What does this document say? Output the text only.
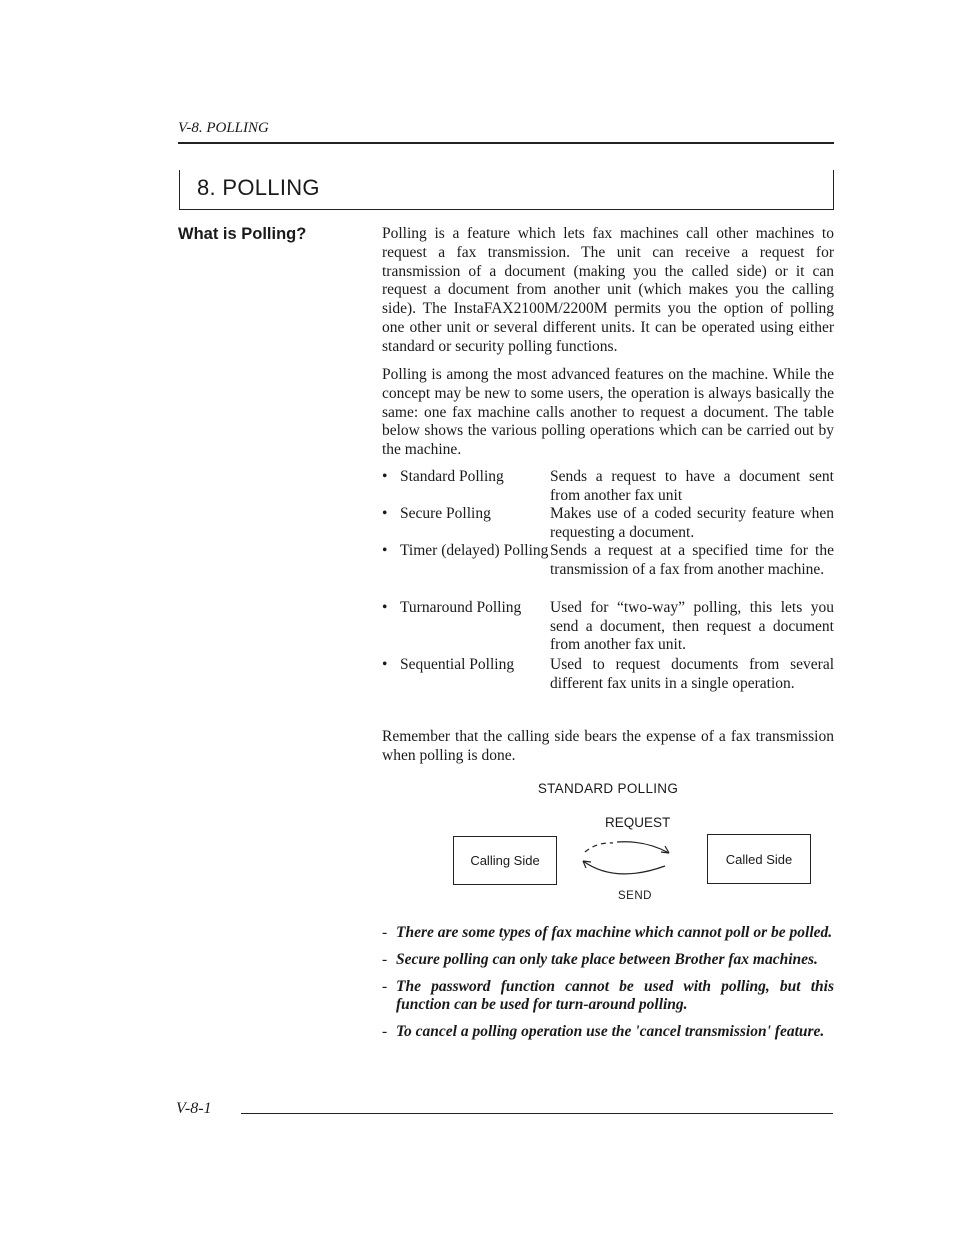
V-8. POLLING
8. POLLING
What is Polling?	Polling is a feature which lets fax machines call other machines to request a fax transmission. The unit can receive a request for transmission of a document (making you the called side) or it can request a document from another unit (which makes you the calling side). The InstaFAX2100M/2200M permits you the option of polling one other unit or several different units. It can be operated using either standard or security polling functions.
Polling is among the most advanced features on the machine. While the concept may be new to some users, the operation is always basically the same: one fax machine calls another to request a document. The table below shows the various polling operations which can be carried out by the machine.
• Standard Polling	Sends a request to have a document sent from another fax unit
• Secure Polling	Makes use of a coded security feature when requesting a document.
• Timer (delayed) Polling Sends a request at a specified time for the transmission of a fax from another machine.
• Turnaround Polling Used for “two-way” polling, this lets you send a document, then request a document from another fax unit.
• Sequential Polling Used to request documents from several different fax units in a single operation.
Remember that the calling side bears the expense of a fax transmission when polling is done.
STANDARD POLLING
REQUEST
Calling Side	Called Side
SEND
- There are some types of fax machine which cannot poll or be polled.
- Secure polling can only take place between Brother fax machines.
- The password function cannot be used with polling, but this function can be used for turn-around polling.
- To cancel a polling operation use the 'cancel transmission' feature.
V-8-1
